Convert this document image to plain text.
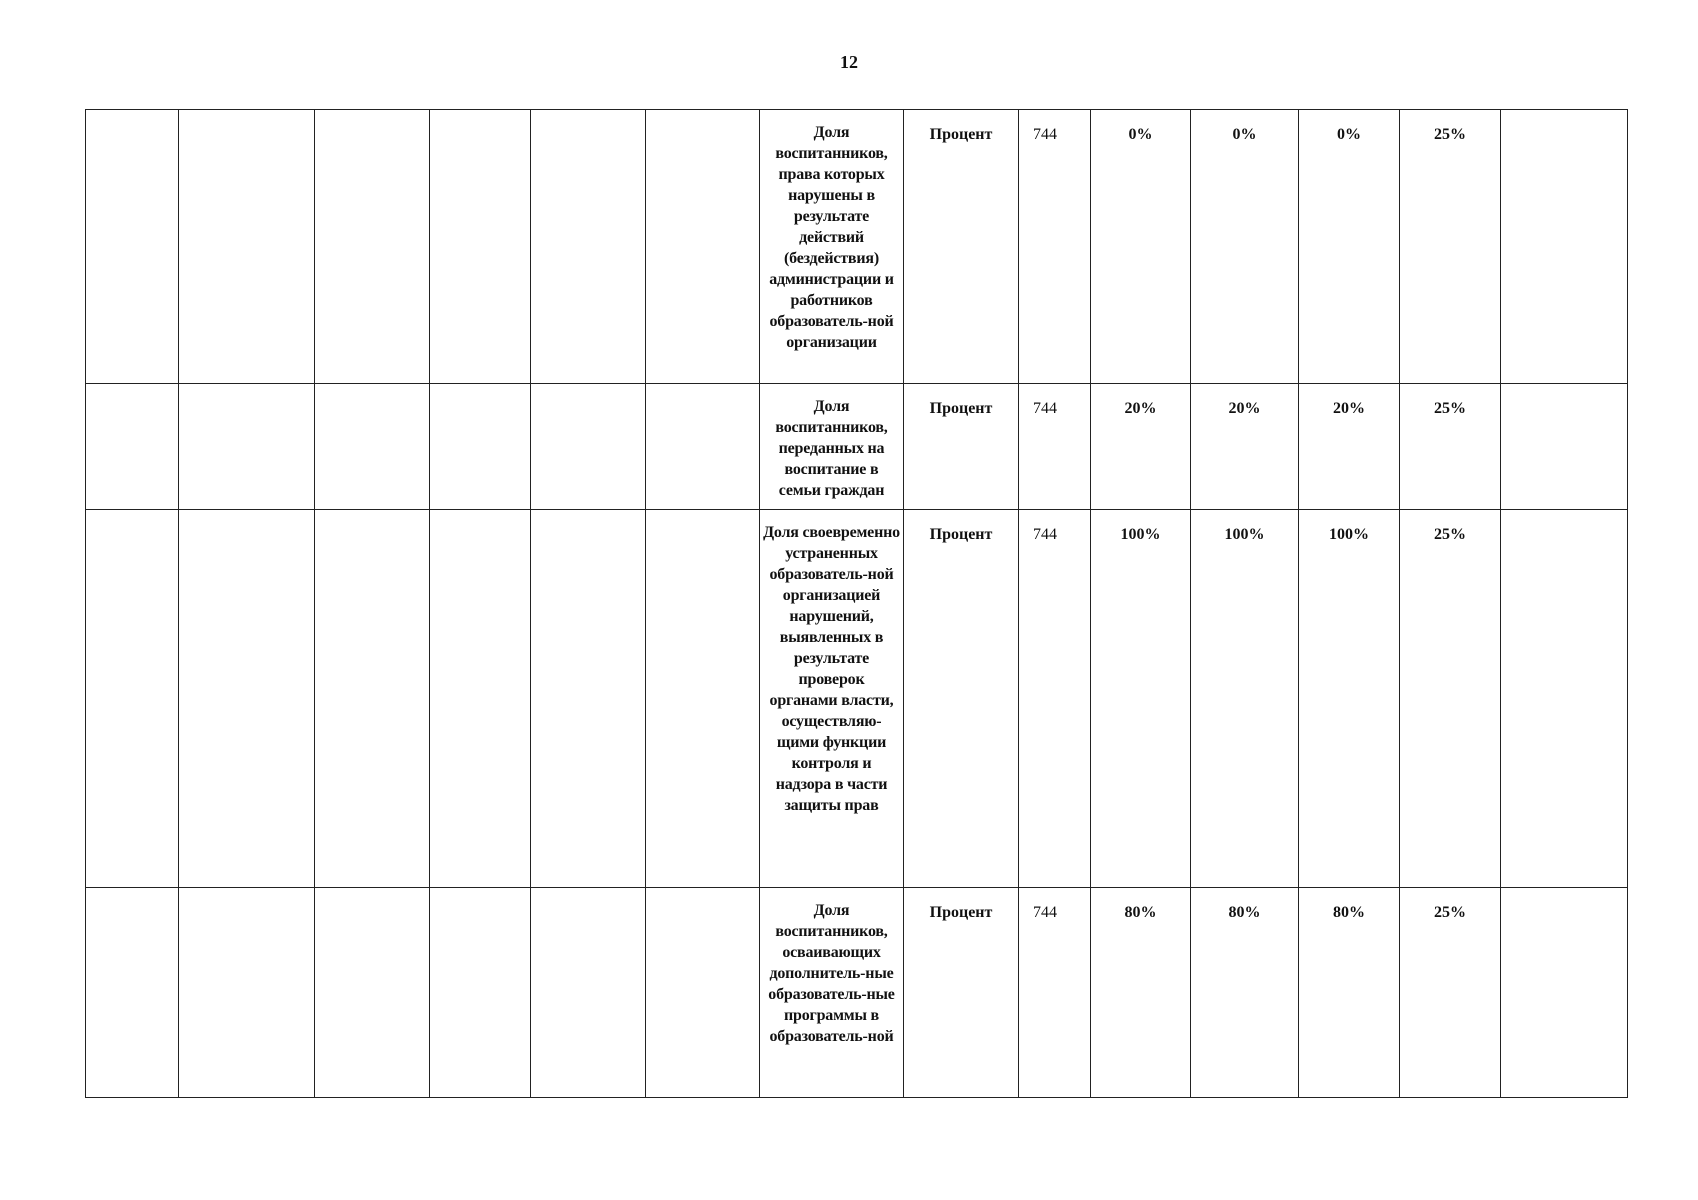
12
						Доля воспитанников, права которых нарушены в результате действий (бездействия) администрации и работников образователь-ной организации	Процент	744	0%	0%	0%	25%	
						Доля воспитанников, переданных на воспитание в семьи граждан	Процент	744	20%	20%	20%	25%	
						Доля своевременно устраненных образователь-ной организацией нарушений, выявленных в результате проверок органами власти, осуществляю-щими функции контроля и надзора в части защиты прав	Процент	744	100%	100%	100%	25%	
						Доля воспитанников, осваивающих дополнитель-ные образователь-ные программы в образователь-ной	Процент	744	80%	80%	80%	25%	
